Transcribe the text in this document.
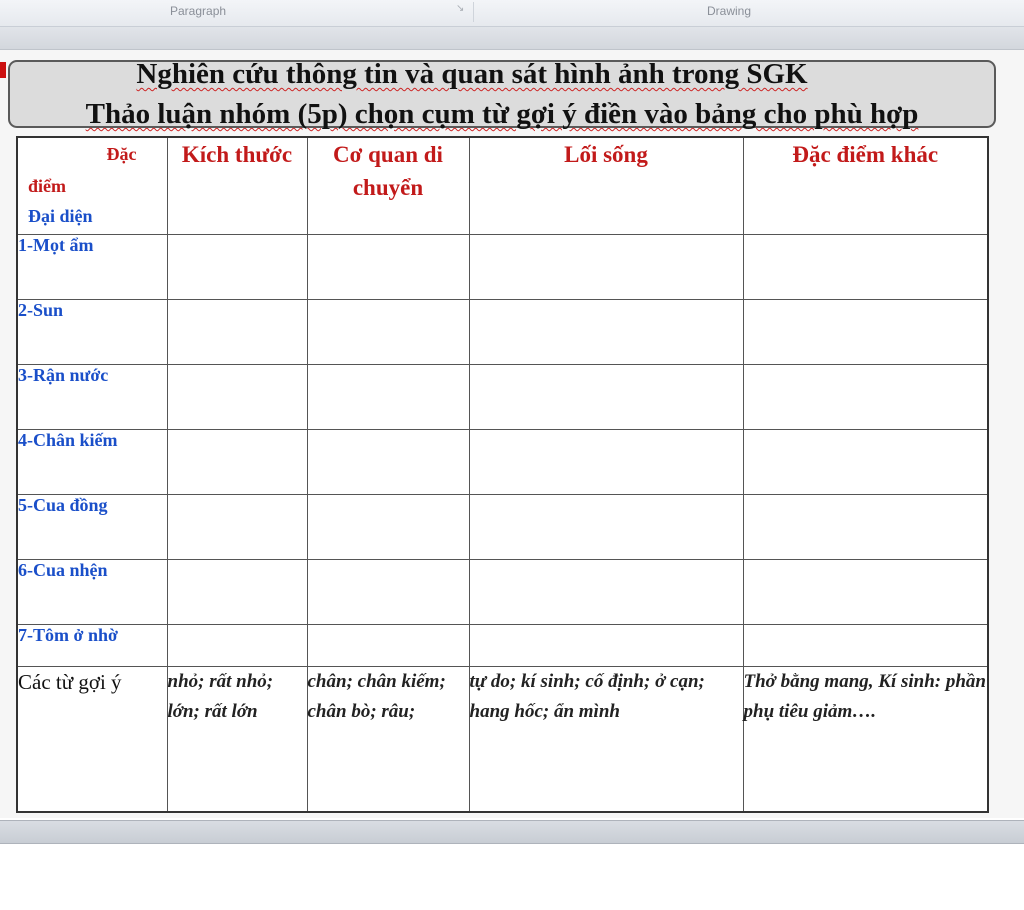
Paragraph	↘	Drawing
Nghiên cứu thông tin và quan sát hình ảnh trong SGK
Thảo luận nhóm (5p) chọn cụm từ gợi ý điền vào bảng cho phù hợp
Đặc
điểm
Đại diện	Kích thước	Cơ quan di chuyển	Lối sống	Đặc điểm khác
1-Mọt ẩm				
2-Sun				
3-Rận nước				
4-Chân kiếm				
5-Cua đồng				
6-Cua nhện				
7-Tôm ở nhờ				
Các từ gợi ý	nhỏ; rất nhỏ; lớn; rất lớn	chân; chân kiếm; chân bò; râu;	tự do; kí sinh; cố định; ở cạn; hang hốc; ẩn mình	Thở bằng mang, Kí sinh: phần phụ tiêu giảm….
